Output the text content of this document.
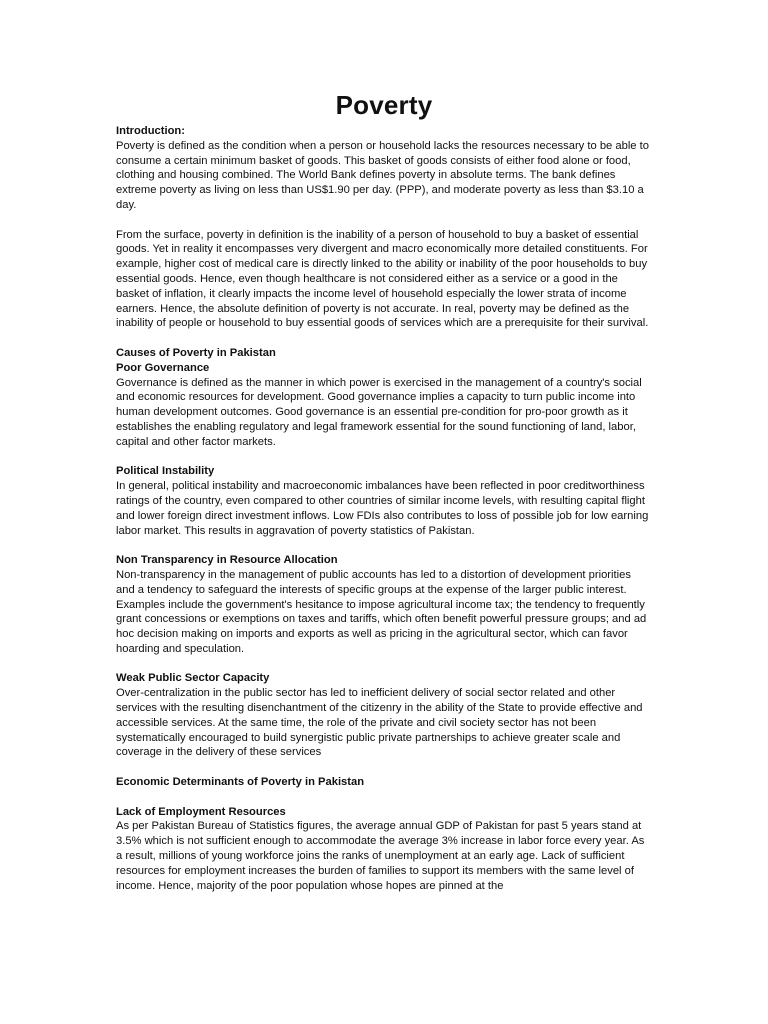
Poverty

Introduction:

Poverty is defined as the condition when a person or household lacks the resources necessary to be able to consume a certain minimum basket of goods. This basket of goods consists of either food alone or food, clothing and housing combined. The World Bank defines poverty in absolute terms. The bank defines extreme poverty as living on less than US$1.90 per day. (PPP), and moderate poverty as less than $3.10 a day.

From the surface, poverty in definition is the inability of a person of household to buy a basket of essential goods. Yet in reality it encompasses very divergent and macro economically more detailed constituents. For example, higher cost of medical care is directly linked to the ability or inability of the poor households to buy essential goods. Hence, even though healthcare is not considered either as a service or a good in the basket of inflation, it clearly impacts the income level of household especially the lower strata of income earners. Hence, the absolute definition of poverty is not accurate. In real, poverty may be defined as the inability of people or household to buy essential goods of services which are a prerequisite for their survival.

Causes of Poverty in Pakistan

Poor Governance

Governance is defined as the manner in which power is exercised in the management of a country's social and economic resources for development. Good governance implies a capacity to turn public income into human development outcomes. Good governance is an essential pre-condition for pro-poor growth as it establishes the enabling regulatory and legal framework essential for the sound functioning of land, labor, capital and other factor markets.

Political Instability

In general, political instability and macroeconomic imbalances have been reflected in poor creditworthiness ratings of the country, even compared to other countries of similar income levels, with resulting capital flight and lower foreign direct investment inflows. Low FDIs also contributes to loss of possible job for low earning labor market. This results in aggravation of poverty statistics of Pakistan.

Non Transparency in Resource Allocation

Non-transparency in the management of public accounts has led to a distortion of development priorities and a tendency to safeguard the interests of specific groups at the expense of the larger public interest. Examples include the government's hesitance to impose agricultural income tax; the tendency to frequently grant concessions or exemptions on taxes and tariffs, which often benefit powerful pressure groups; and ad hoc decision making on imports and exports as well as pricing in the agricultural sector, which can favor hoarding and speculation.

Weak Public Sector Capacity

Over-centralization in the public sector has led to inefficient delivery of social sector related and other services with the resulting disenchantment of the citizenry in the ability of the State to provide effective and accessible services. At the same time, the role of the private and civil society sector has not been systematically encouraged to build synergistic public private partnerships to achieve greater scale and coverage in the delivery of these services

Economic Determinants of Poverty in Pakistan

Lack of Employment Resources

As per Pakistan Bureau of Statistics figures, the average annual GDP of Pakistan for past 5 years stand at 3.5% which is not sufficient enough to accommodate the average 3% increase in labor force every year. As a result, millions of young workforce joins the ranks of unemployment at an early age. Lack of sufficient resources for employment increases the burden of families to support its members with the same level of income. Hence, majority of the poor population whose hopes are pinned at the
